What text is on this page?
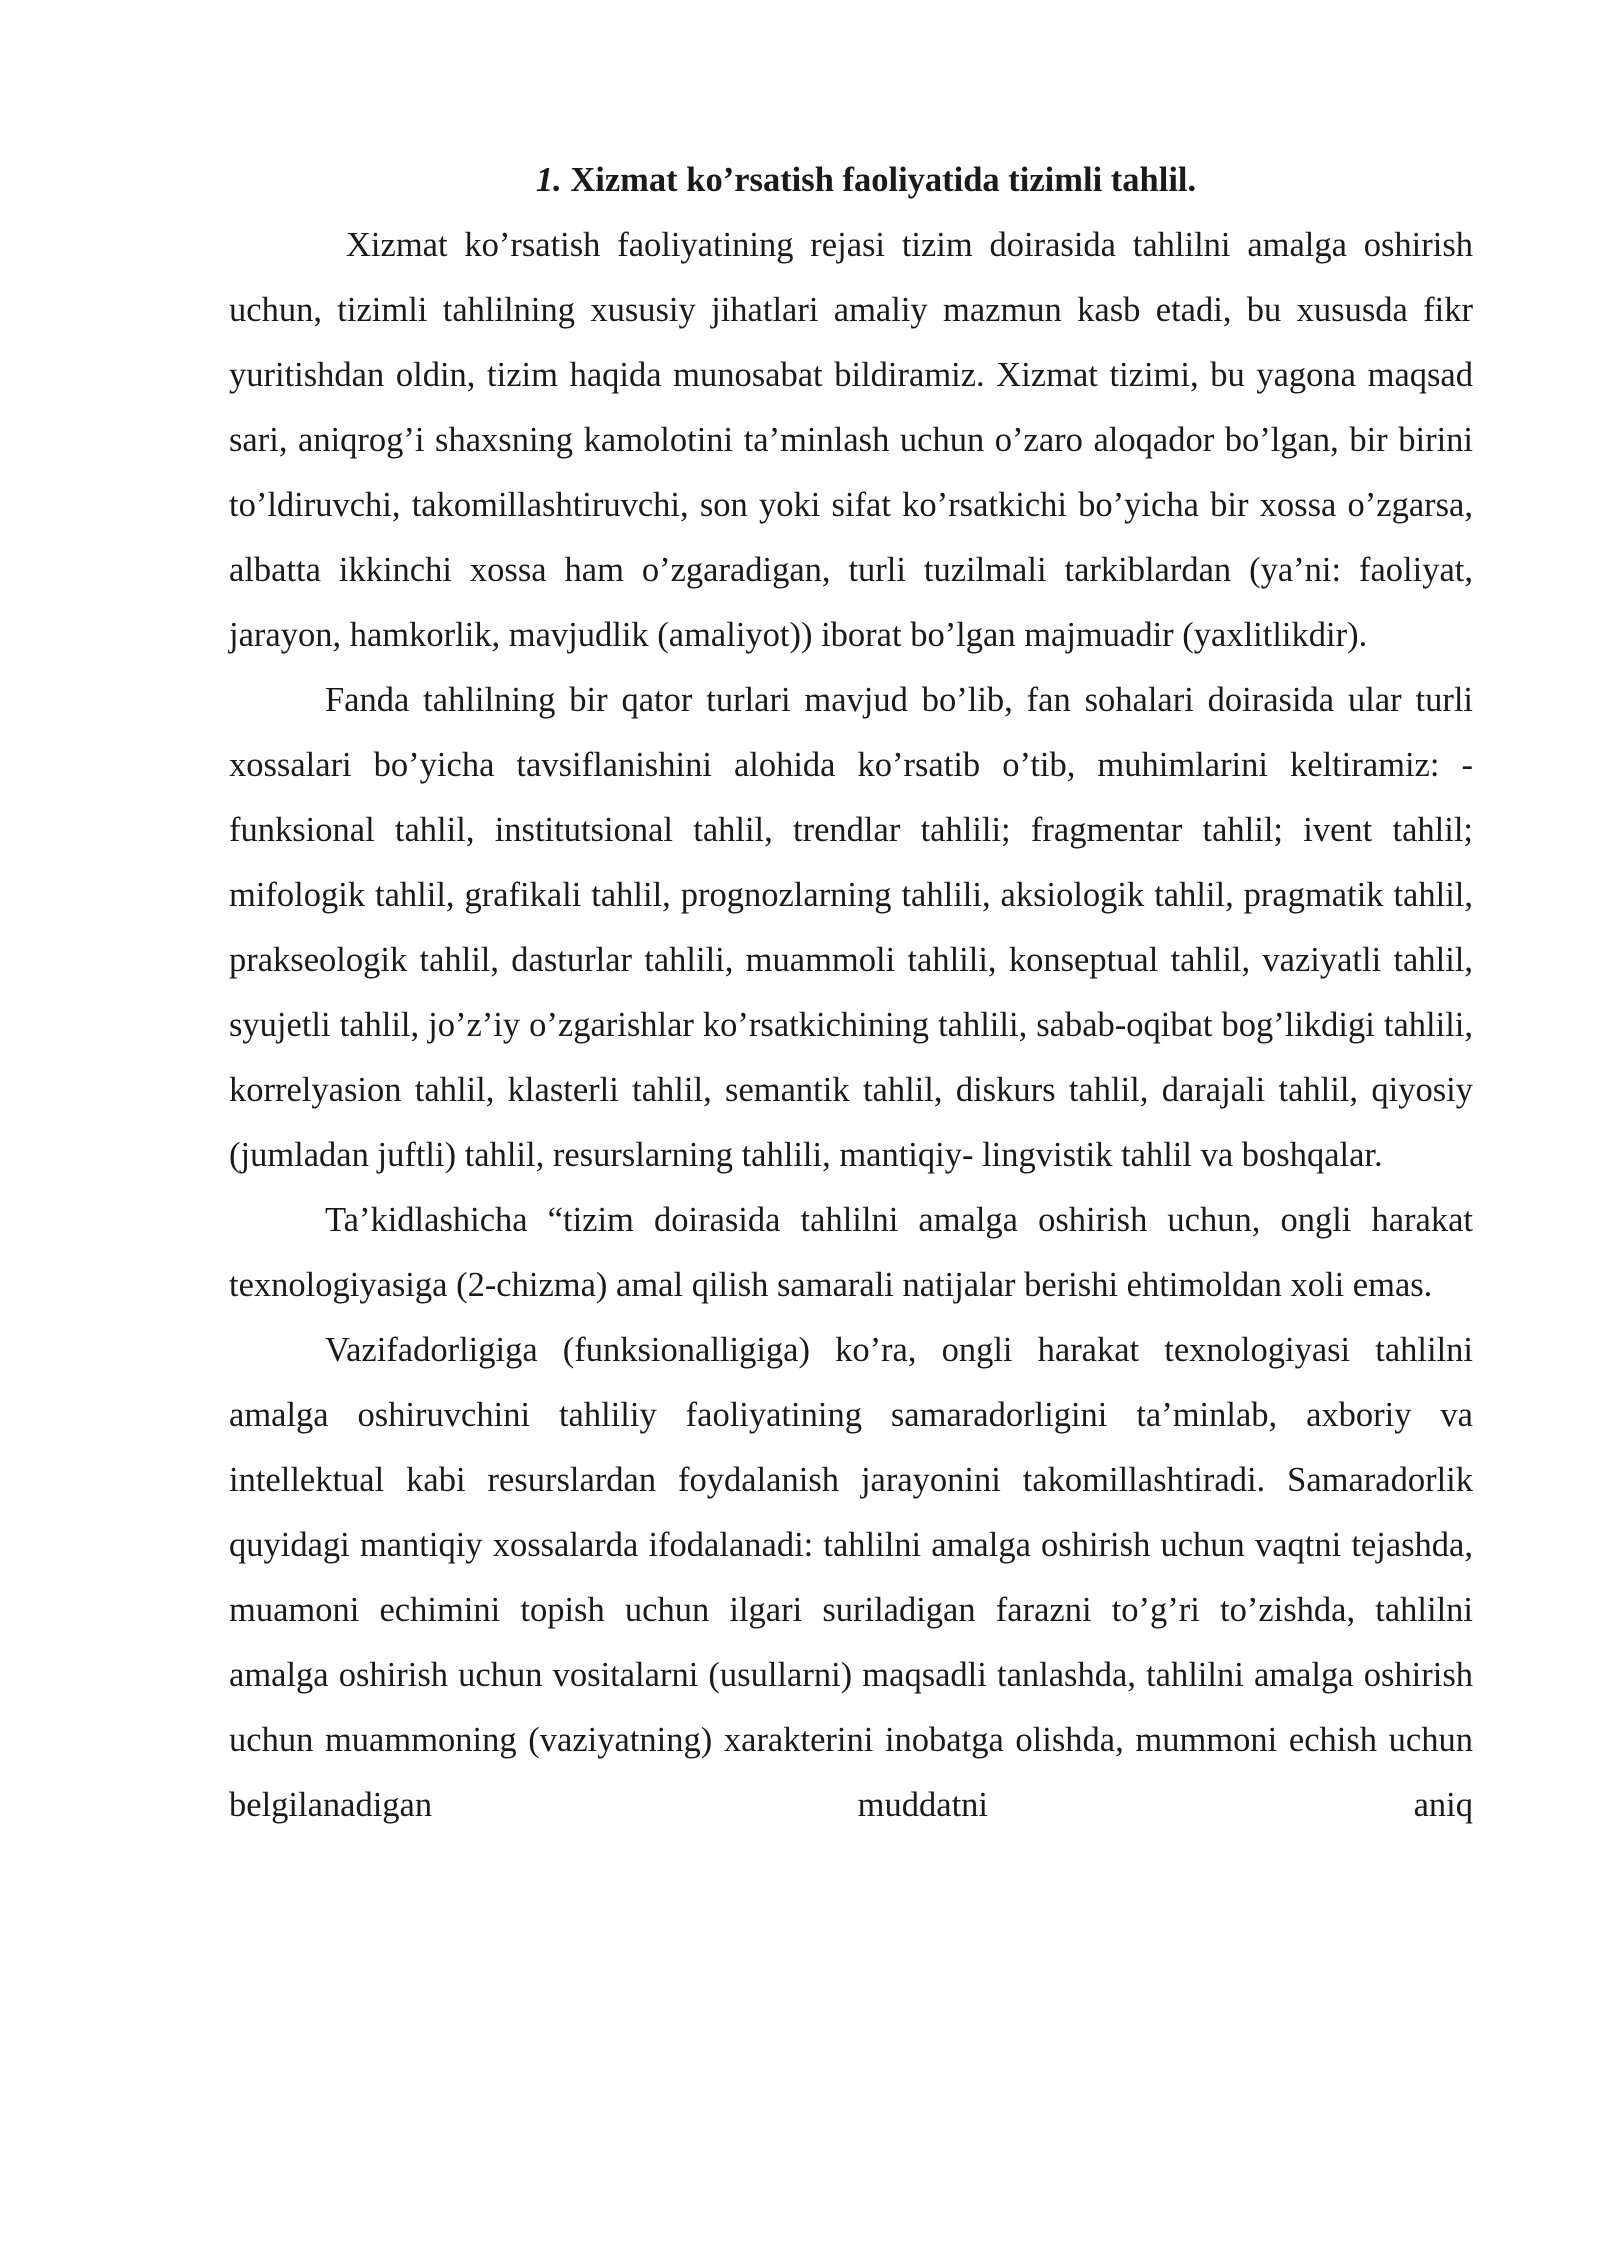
1. Xizmat ko’rsatish faoliyatida tizimli tahlil.

Xizmat ko’rsatish faoliyatining rejasi tizim doirasida tahlilni amalga oshirish uchun, tizimli tahlilning xususiy jihatlari amaliy mazmun kasb etadi, bu xususda fikr yuritishdan oldin, tizim haqida munosabat bildiramiz. Xizmat tizimi, bu yagona maqsad sari, aniqrog’i shaxsning kamolotini ta’minlash uchun o’zaro aloqador bo’lgan, bir birini to’ldiruvchi, takomillashtiruvchi, son yoki sifat ko’rsatkichi bo’yicha bir xossa o’zgarsa, albatta ikkinchi xossa ham o’zgaradigan, turli tuzilmali tarkiblardan (ya’ni: faoliyat, jarayon, hamkorlik, mavjudlik (amaliyot)) iborat bo’lgan majmuadir (yaxlitlikdir).

Fanda tahlilning bir qator turlari mavjud bo’lib, fan sohalari doirasida ular turli xossalari bo’yicha tavsiflanishini alohida ko’rsatib o’tib, muhimlarini keltiramiz: - funksional tahlil, institutsional tahlil, trendlar tahlili; fragmentar tahlil; ivent tahlil; mifologik tahlil, grafikali tahlil, prognozlarning tahlili, aksiologik tahlil, pragmatik tahlil, prakseologik tahlil, dasturlar tahlili, muammoli tahlili, konseptual tahlil, vaziyatli tahlil, syujetli tahlil, jo’z’iy o’zgarishlar ko’rsatkichining tahlili, sabab-oqibat bog’likdigi tahlili, korrelyasion tahlil, klasterli tahlil, semantik tahlil, diskurs tahlil, darajali tahlil, qiyosiy (jumladan juftli) tahlil, resurslarning tahlili, mantiqiy- lingvistik tahlil va boshqalar.

Ta’kidlashicha “tizim doirasida tahlilni amalga oshirish uchun, ongli harakat texnologiyasiga (2-chizma) amal qilish samarali natijalar berishi ehtimoldan xoli emas.

Vazifadorligiga (funksionalligiga) ko’ra, ongli harakat texnologiyasi tahlilni amalga oshiruvchini tahliliy faoliyatining samaradorligini ta’minlab, axboriy va intellektual kabi resurslardan foydalanish jarayonini takomillashtiradi. Samaradorlik quyidagi mantiqiy xossalarda ifodalanadi: tahlilni amalga oshirish uchun vaqtni tejashda, muamoni echimini topish uchun ilgari suriladigan farazni to’g’ri to’zishda, tahlilni amalga oshirish uchun vositalarni (usullarni) maqsadli tanlashda, tahlilni amalga oshirish uchun muammoning (vaziyatning) xarakterini inobatga olishda, mummoni echish uchun belgilanadigan muddatni aniq
